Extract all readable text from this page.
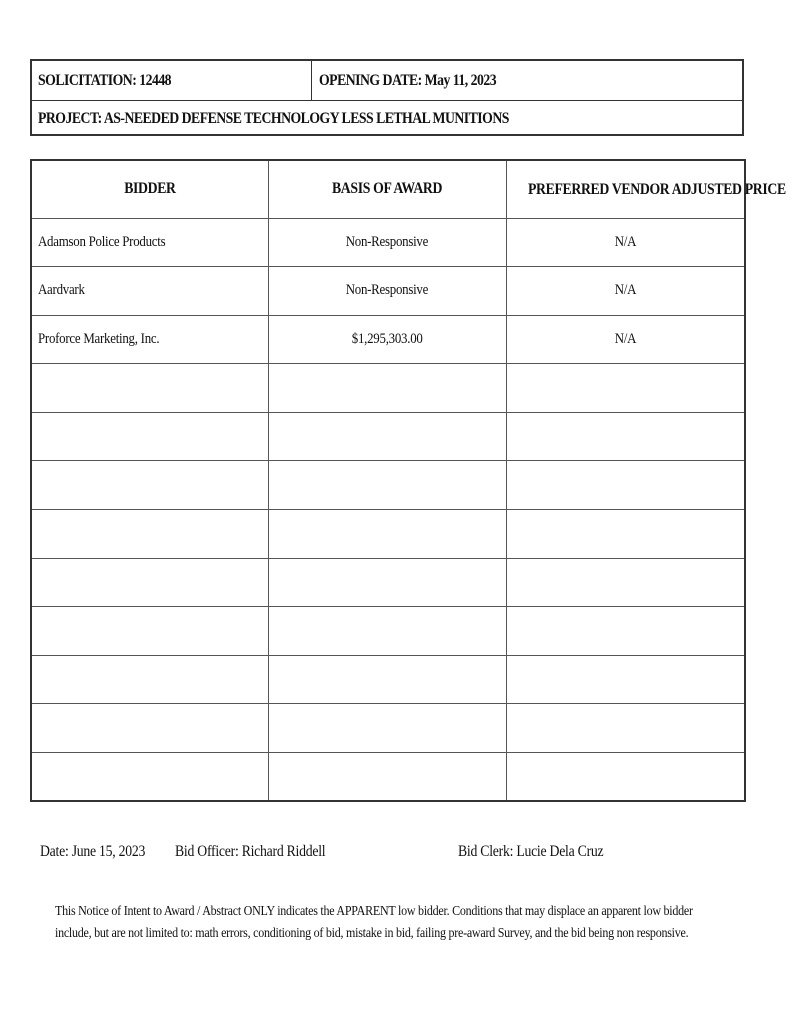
SOLICITATION: 12448	OPENING DATE: May 11, 2023
PROJECT: AS-NEEDED DEFENSE TECHNOLOGY LESS LETHAL MUNITIONS
BIDDER	BASIS OF AWARD	PREFERRED VENDOR ADJUSTED PRICE
Adamson Police Products	Non-Responsive	N/A
Aardvark	Non-Responsive	N/A
Proforce Marketing, Inc.	$1,295,303.00	N/A

Date: June 15, 2023 Bid Officer: Richard Riddell	Bid Clerk: Lucie Dela Cruz
This Notice of Intent to Award / Abstract ONLY indicates the APPARENT low bidder. Conditions that may displace an apparent low bidder
include, but are not limited to: math errors, conditioning of bid, mistake in bid, failing pre-award Survey, and the bid being non responsive.
